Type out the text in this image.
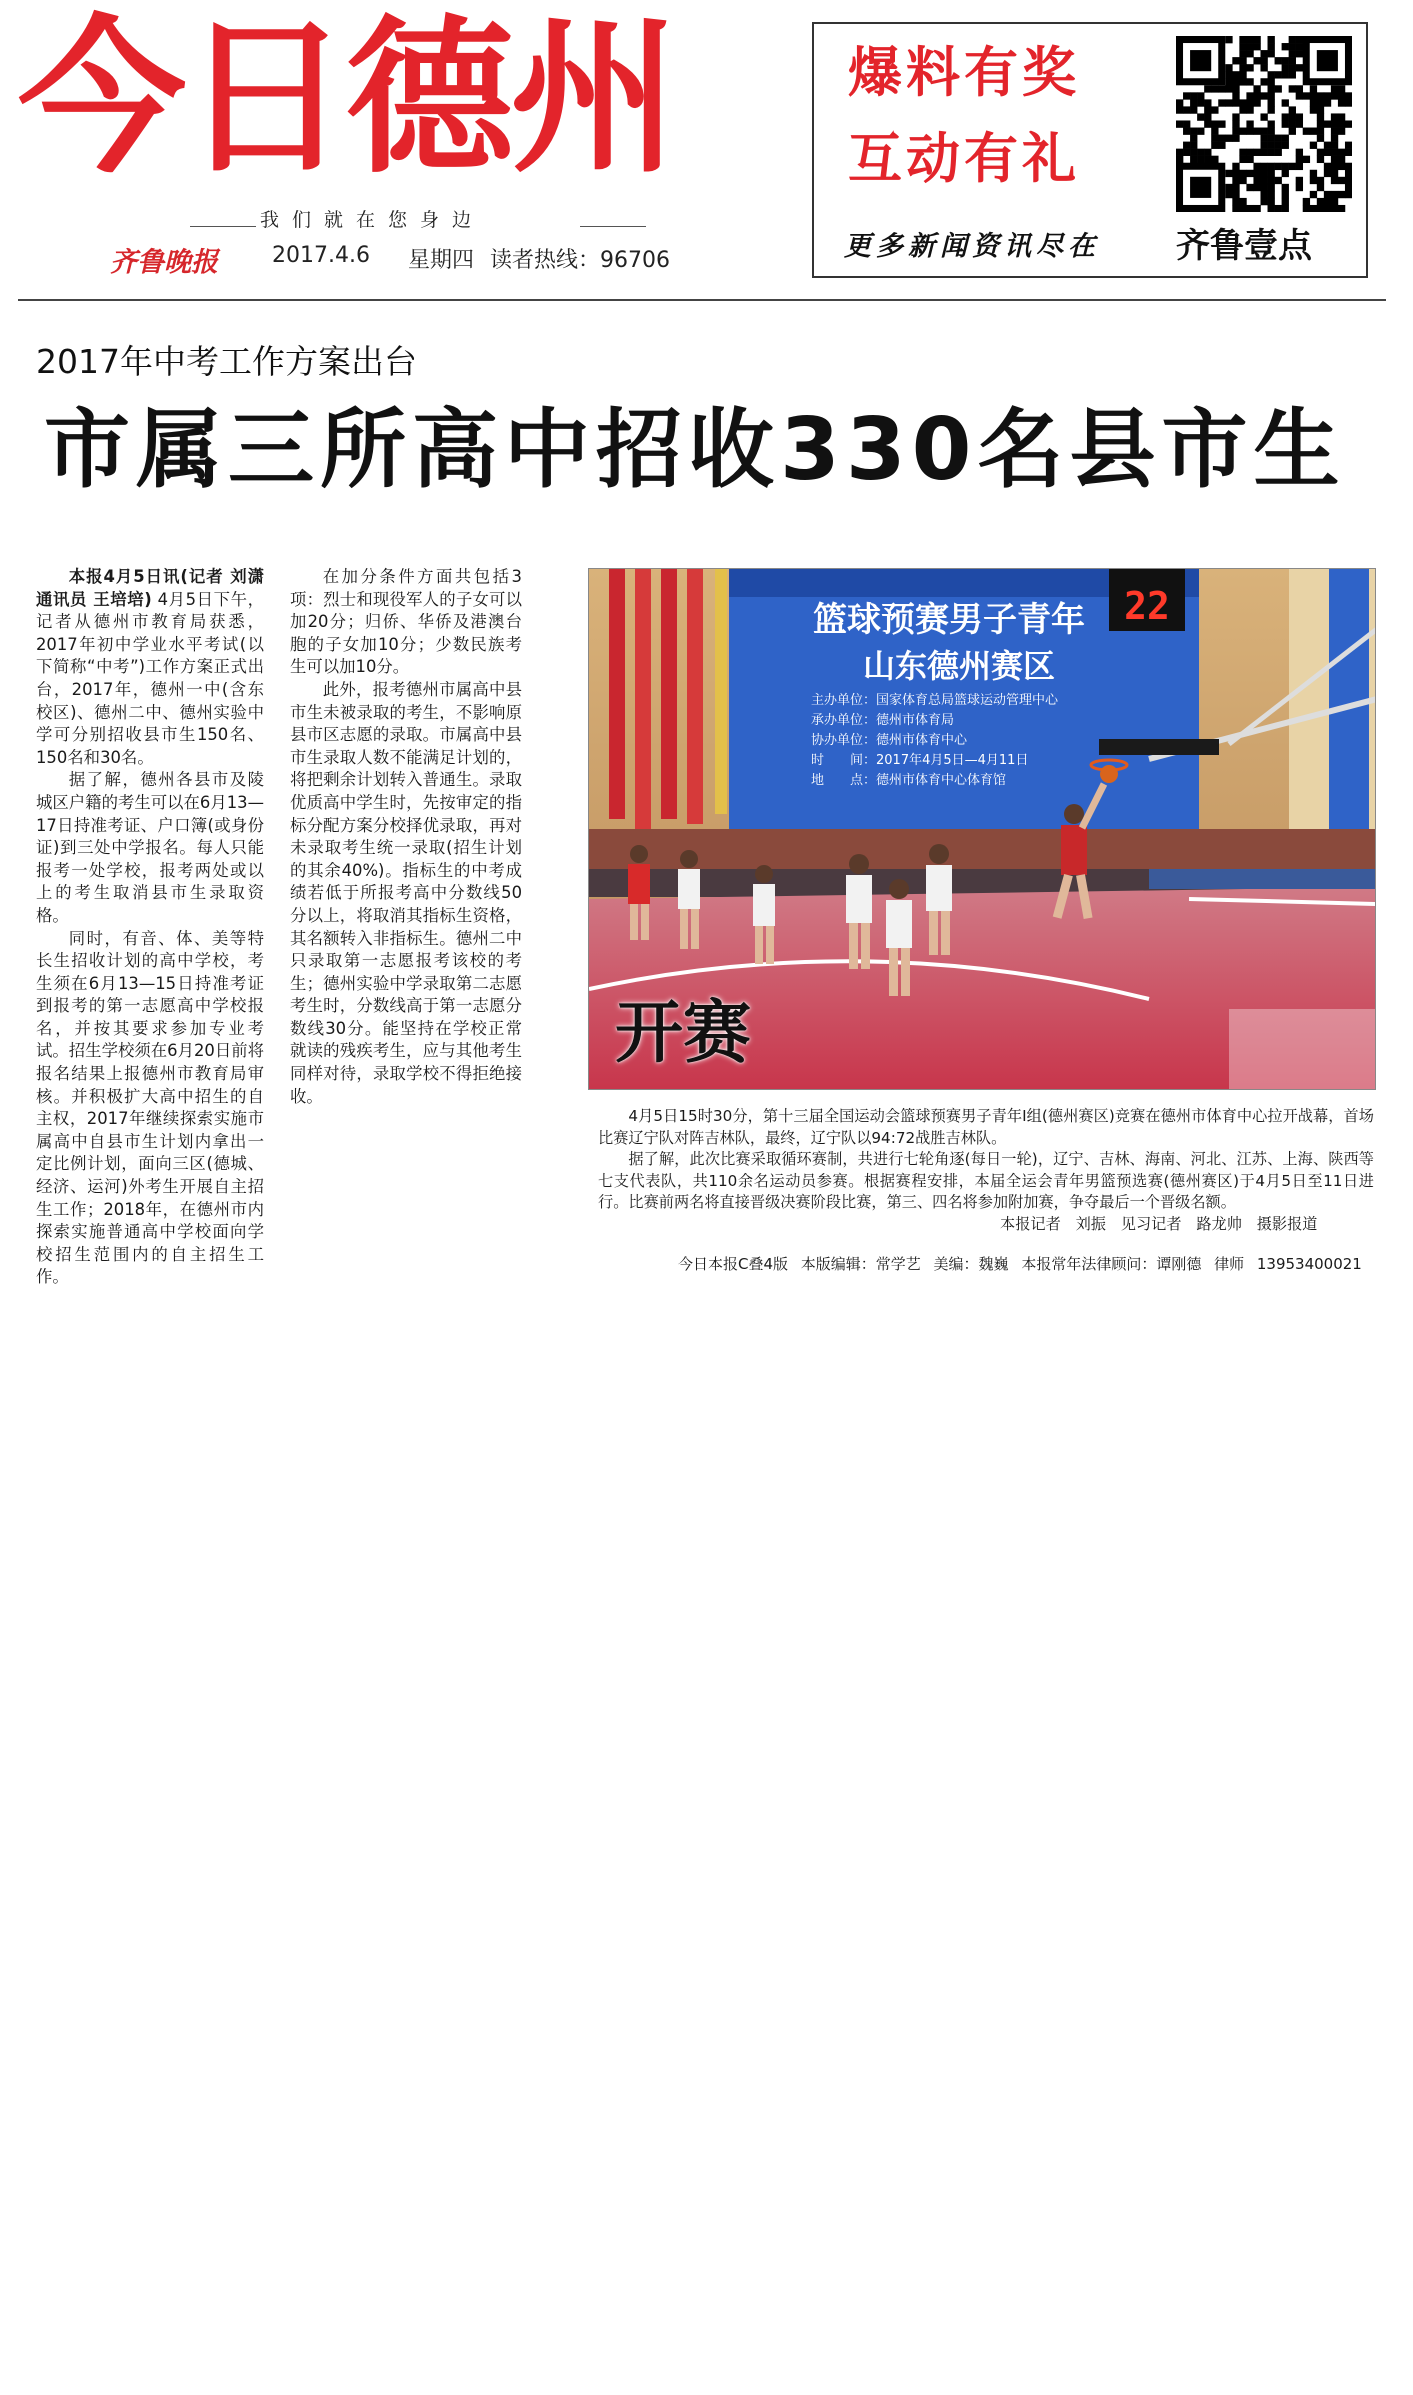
今日德州
我们就在您身边
齐鲁晚报 2017.4.6 星期四 读者热线：96706
爆料有奖
互动有礼
更多新闻资讯尽在 齐鲁壹点
2017年中考工作方案出台
市属三所高中招收330名县市生

本报4月5日讯(记者 刘潇 通讯员 王培培) 4月5日下午，记者从德州市教育局获悉，2017年初中学业水平考试(以下简称“中考”)工作方案正式出台，2017年，德州一中(含东校区)、德州二中、德州实验中学可分别招收县市生150名、150名和30名。

据了解，德州各县市及陵城区户籍的考生可以在6月13—17日持准考证、户口簿(或身份证)到三处中学报名。每人只能报考一处学校，报考两处或以上的考生取消县市生录取资格。

同时，有音、体、美等特长生招收计划的高中学校，考生须在6月13—15日持准考证到报考的第一志愿高中学校报名，并按其要求参加专业考试。招生学校须在6月20日前将报名结果上报德州市教育局审核。并积极扩大高中招生的自主权，2017年继续探索实施市属高中自县市生计划内拿出一定比例计划，面向三区(德城、经济、运河)外考生开展自主招生工作；2018年，在德州市内探索实施普通高中学校面向学校招生范围内的自主招生工作。

在加分条件方面共包括3项：烈士和现役军人的子女可以加20分；归侨、华侨及港澳台胞的子女加10分；少数民族考生可以加10分。

此外，报考德州市属高中县市生未被录取的考生，不影响原县市区志愿的录取。市属高中县市生录取人数不能满足计划的，将把剩余计划转入普通生。录取优质高中学生时，先按审定的指标分配方案分校择优录取，再对未录取考生统一录取(招生计划的其余40%)。指标生的中考成绩若低于所报考高中分数线50分以上，将取消其指标生资格，其名额转入非指标生。德州二中只录取第一志愿报考该校的考生；德州实验中学录取第二志愿考生时，分数线高于第一志愿分数线30分。能坚持在学校正常就读的残疾考生，应与其他考生同样对待，录取学校不得拒绝接收。

篮球预赛男子青年
山东德州赛区
主办单位：国家体育总局篮球运动管理中心
承办单位：德州市体育局
协办单位：德州市体育中心
时　　间：2017年4月5日—4月11日
地　　点：德州市体育中心体育馆
22
开赛

4月5日15时30分，第十三届全国运动会篮球预赛男子青年Ⅰ组(德州赛区)竞赛在德州市体育中心拉开战幕，首场比赛辽宁队对阵吉林队，最终，辽宁队以94:72战胜吉林队。

据了解，此次比赛采取循环赛制，共进行七轮角逐(每日一轮)，辽宁、吉林、海南、河北、江苏、上海、陕西等七支代表队，共110余名运动员参赛。根据赛程安排，本届全运会青年男篮预选赛(德州赛区)于4月5日至11日进行。比赛前两名将直接晋级决赛阶段比赛，第三、四名将参加附加赛，争夺最后一个晋级名额。

本报记者 刘振 见习记者 路龙帅 摄影报道
今日本报C叠4版 本版编辑：常学艺 美编：魏巍 本报常年法律顾问：谭刚德 律师 13953400021
